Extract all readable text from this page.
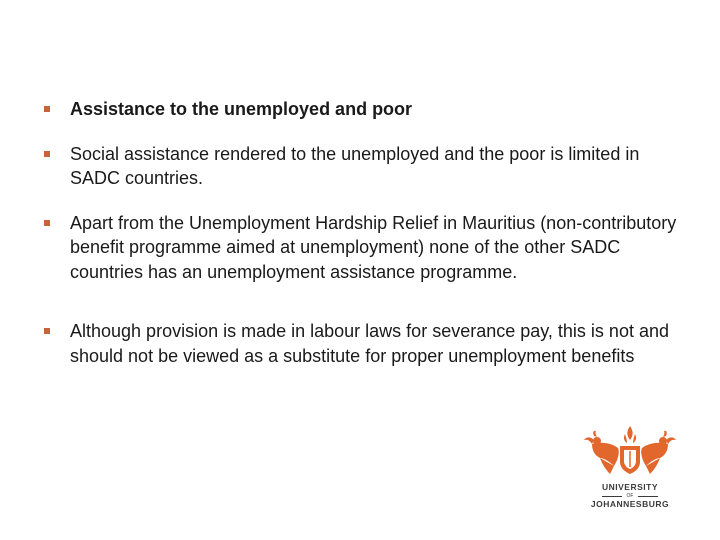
Assistance to the unemployed and poor
Social assistance rendered to the unemployed and the poor is limited in SADC countries.
Apart from the Unemployment Hardship Relief in Mauritius (non-contributory benefit programme aimed at unemployment) none of the other SADC countries has an unemployment assistance programme.
Although provision is made in labour laws for severance pay, this is not and should not be viewed as a substitute for proper unemployment benefits
UNIVERSITY
OF
JOHANNESBURG
